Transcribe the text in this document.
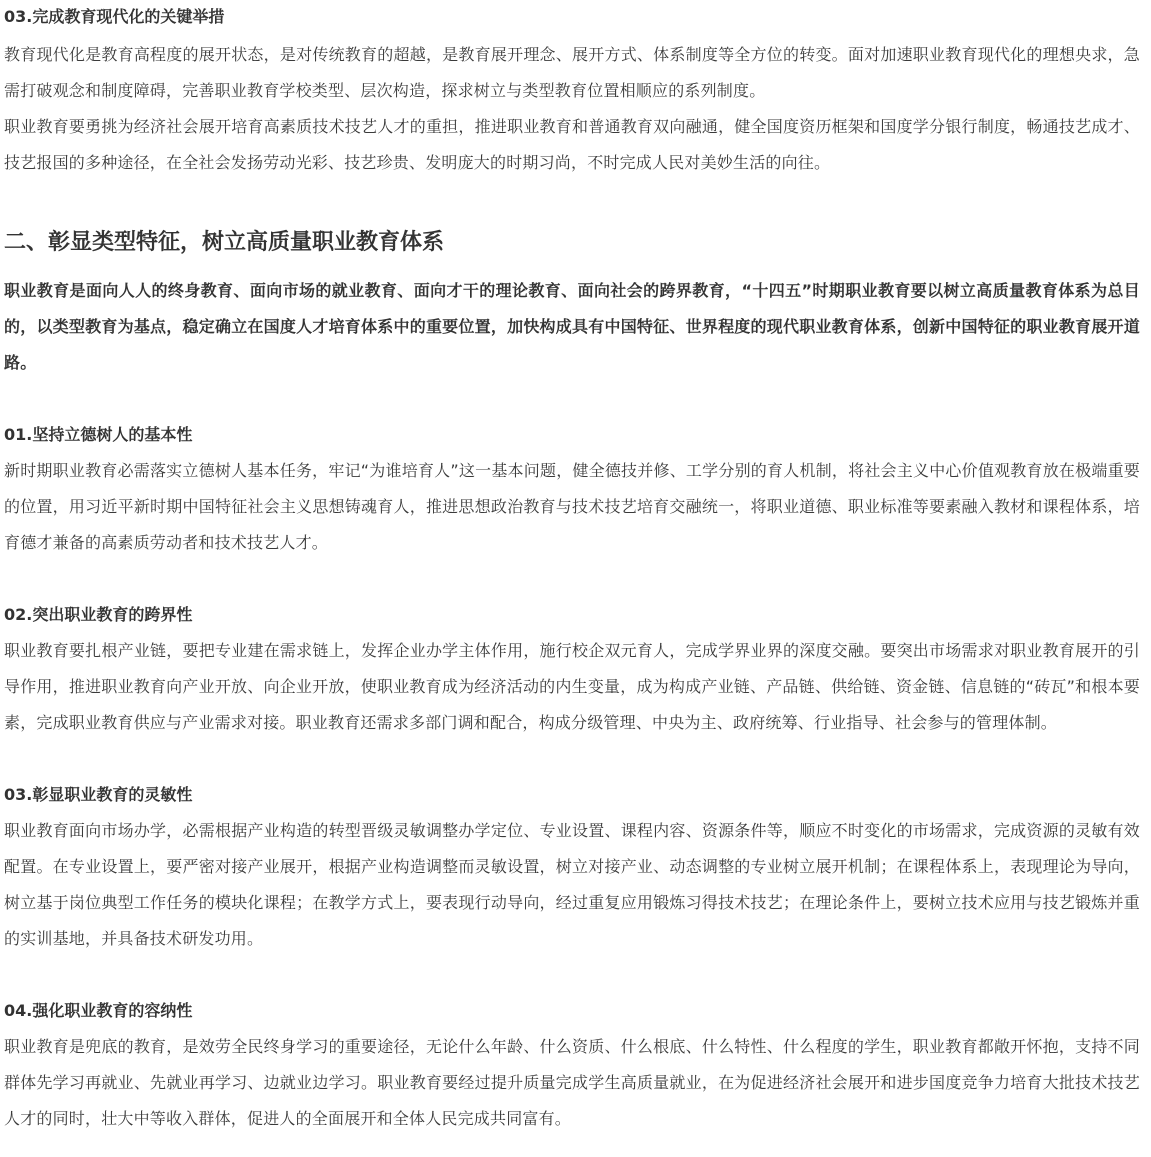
03.完成教育现代化的关键举措

教育现代化是教育高程度的展开状态，是对传统教育的超越，是教育展开理念、展开方式、体系制度等全方位的转变。面对加速职业教育现代化的理想央求，急需打破观念和制度障碍，完善职业教育学校类型、层次构造，探求树立与类型教育位置相顺应的系列制度。

职业教育要勇挑为经济社会展开培育高素质技术技艺人才的重担，推进职业教育和普通教育双向融通，健全国度资历框架和国度学分银行制度，畅通技艺成才、技艺报国的多种途径，在全社会发扬劳动光彩、技艺珍贵、发明庞大的时期习尚，不时完成人民对美妙生活的向往。

二、彰显类型特征，树立高质量职业教育体系

职业教育是面向人人的终身教育、面向市场的就业教育、面向才干的理论教育、面向社会的跨界教育，“十四五”时期职业教育要以树立高质量教育体系为总目的，以类型教育为基点，稳定确立在国度人才培育体系中的重要位置，加快构成具有中国特征、世界程度的现代职业教育体系，创新中国特征的职业教育展开道路。

01.坚持立德树人的基本性

新时期职业教育必需落实立德树人基本任务，牢记“为谁培育人”这一基本问题，健全德技并修、工学分别的育人机制，将社会主义中心价值观教育放在极端重要的位置，用习近平新时期中国特征社会主义思想铸魂育人，推进思想政治教育与技术技艺培育交融统一，将职业道德、职业标准等要素融入教材和课程体系，培育德才兼备的高素质劳动者和技术技艺人才。

02.突出职业教育的跨界性

职业教育要扎根产业链，要把专业建在需求链上，发挥企业办学主体作用，施行校企双元育人，完成学界业界的深度交融。要突出市场需求对职业教育展开的引导作用，推进职业教育向产业开放、向企业开放，使职业教育成为经济活动的内生变量，成为构成产业链、产品链、供给链、资金链、信息链的“砖瓦”和根本要素，完成职业教育供应与产业需求对接。职业教育还需求多部门调和配合，构成分级管理、中央为主、政府统筹、行业指导、社会参与的管理体制。

03.彰显职业教育的灵敏性

职业教育面向市场办学，必需根据产业构造的转型晋级灵敏调整办学定位、专业设置、课程内容、资源条件等，顺应不时变化的市场需求，完成资源的灵敏有效配置。在专业设置上，要严密对接产业展开，根据产业构造调整而灵敏设置，树立对接产业、动态调整的专业树立展开机制；在课程体系上，表现理论为导向，树立基于岗位典型工作任务的模块化课程；在教学方式上，要表现行动导向，经过重复应用锻炼习得技术技艺；在理论条件上，要树立技术应用与技艺锻炼并重的实训基地，并具备技术研发功用。

04.强化职业教育的容纳性

职业教育是兜底的教育，是效劳全民终身学习的重要途径，无论什么年龄、什么资质、什么根底、什么特性、什么程度的学生，职业教育都敞开怀抱，支持不同群体先学习再就业、先就业再学习、边就业边学习。职业教育要经过提升质量完成学生高质量就业，在为促进经济社会展开和进步国度竞争力培育大批技术技艺人才的同时，壮大中等收入群体，促进人的全面展开和全体人民完成共同富有。
